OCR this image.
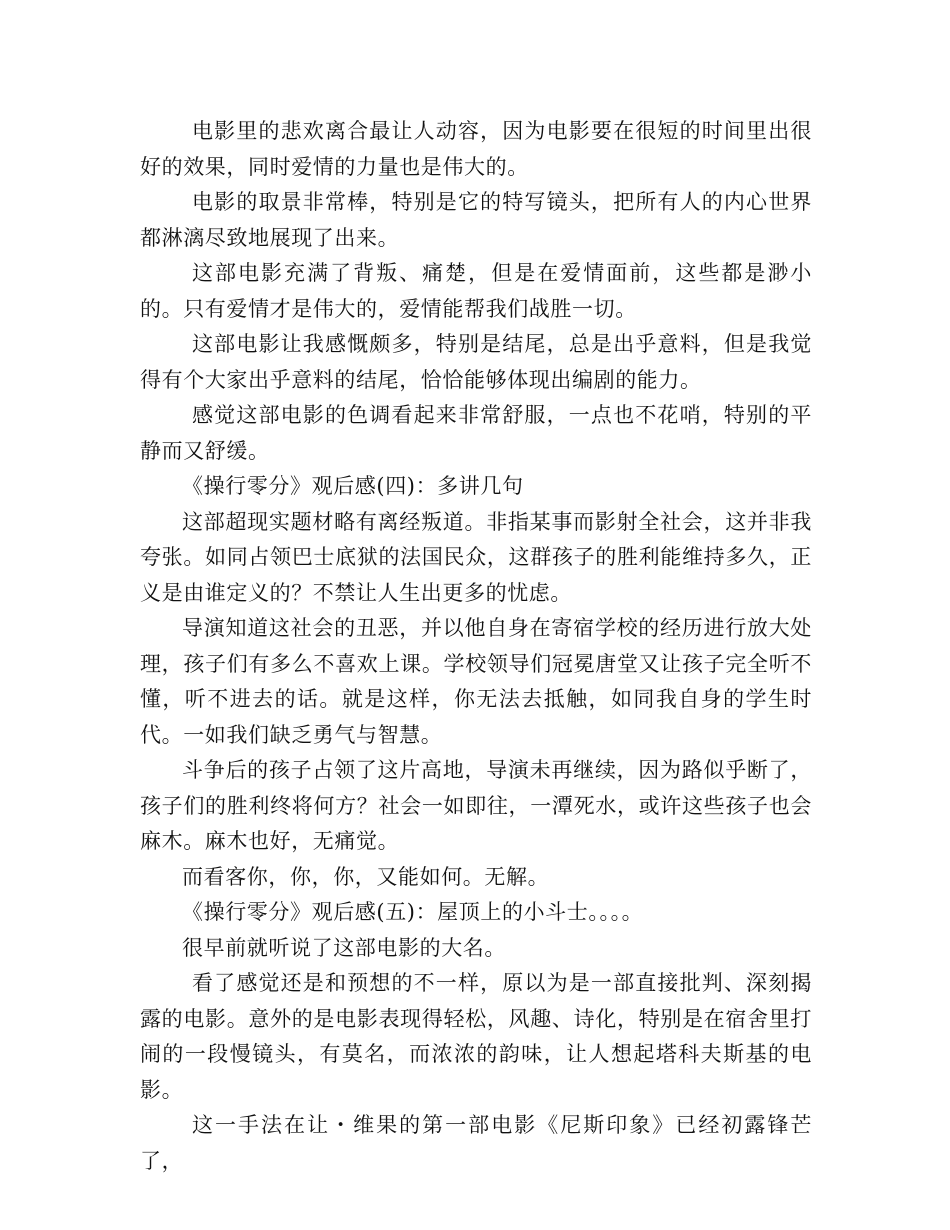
电影里的悲欢离合最让人动容，因为电影要在很短的时间里出很好的效果，同时爱情的力量也是伟大的。

电影的取景非常棒，特别是它的特写镜头，把所有人的内心世界都淋漓尽致地展现了出来。

这部电影充满了背叛、痛楚，但是在爱情面前，这些都是渺小的。只有爱情才是伟大的，爱情能帮我们战胜一切。

这部电影让我感慨颇多，特别是结尾，总是出乎意料，但是我觉得有个大家出乎意料的结尾，恰恰能够体现出编剧的能力。

感觉这部电影的色调看起来非常舒服，一点也不花哨，特别的平静而又舒缓。

《操行零分》观后感(四)：多讲几句

这部超现实题材略有离经叛道。非指某事而影射全社会，这并非我夸张。如同占领巴士底狱的法国民众，这群孩子的胜利能维持多久，正义是由谁定义的？不禁让人生出更多的忧虑。

导演知道这社会的丑恶，并以他自身在寄宿学校的经历进行放大处理，孩子们有多么不喜欢上课。学校领导们冠冕唐堂又让孩子完全听不懂，听不进去的话。就是这样，你无法去抵触，如同我自身的学生时代。一如我们缺乏勇气与智慧。

斗争后的孩子占领了这片高地，导演未再继续，因为路似乎断了，孩子们的胜利终将何方？社会一如即往，一潭死水，或许这些孩子也会麻木。麻木也好，无痛觉。

而看客你，你，你，又能如何。无解。

《操行零分》观后感(五)：屋顶上的小斗士。。。。

很早前就听说了这部电影的大名。

看了感觉还是和预想的不一样，原以为是一部直接批判、深刻揭露的电影。意外的是电影表现得轻松，风趣、诗化，特别是在宿舍里打闹的一段慢镜头，有莫名，而浓浓的韵味，让人想起塔科夫斯基的电影。

这一手法在让・维果的第一部电影《尼斯印象》已经初露锋芒了，
